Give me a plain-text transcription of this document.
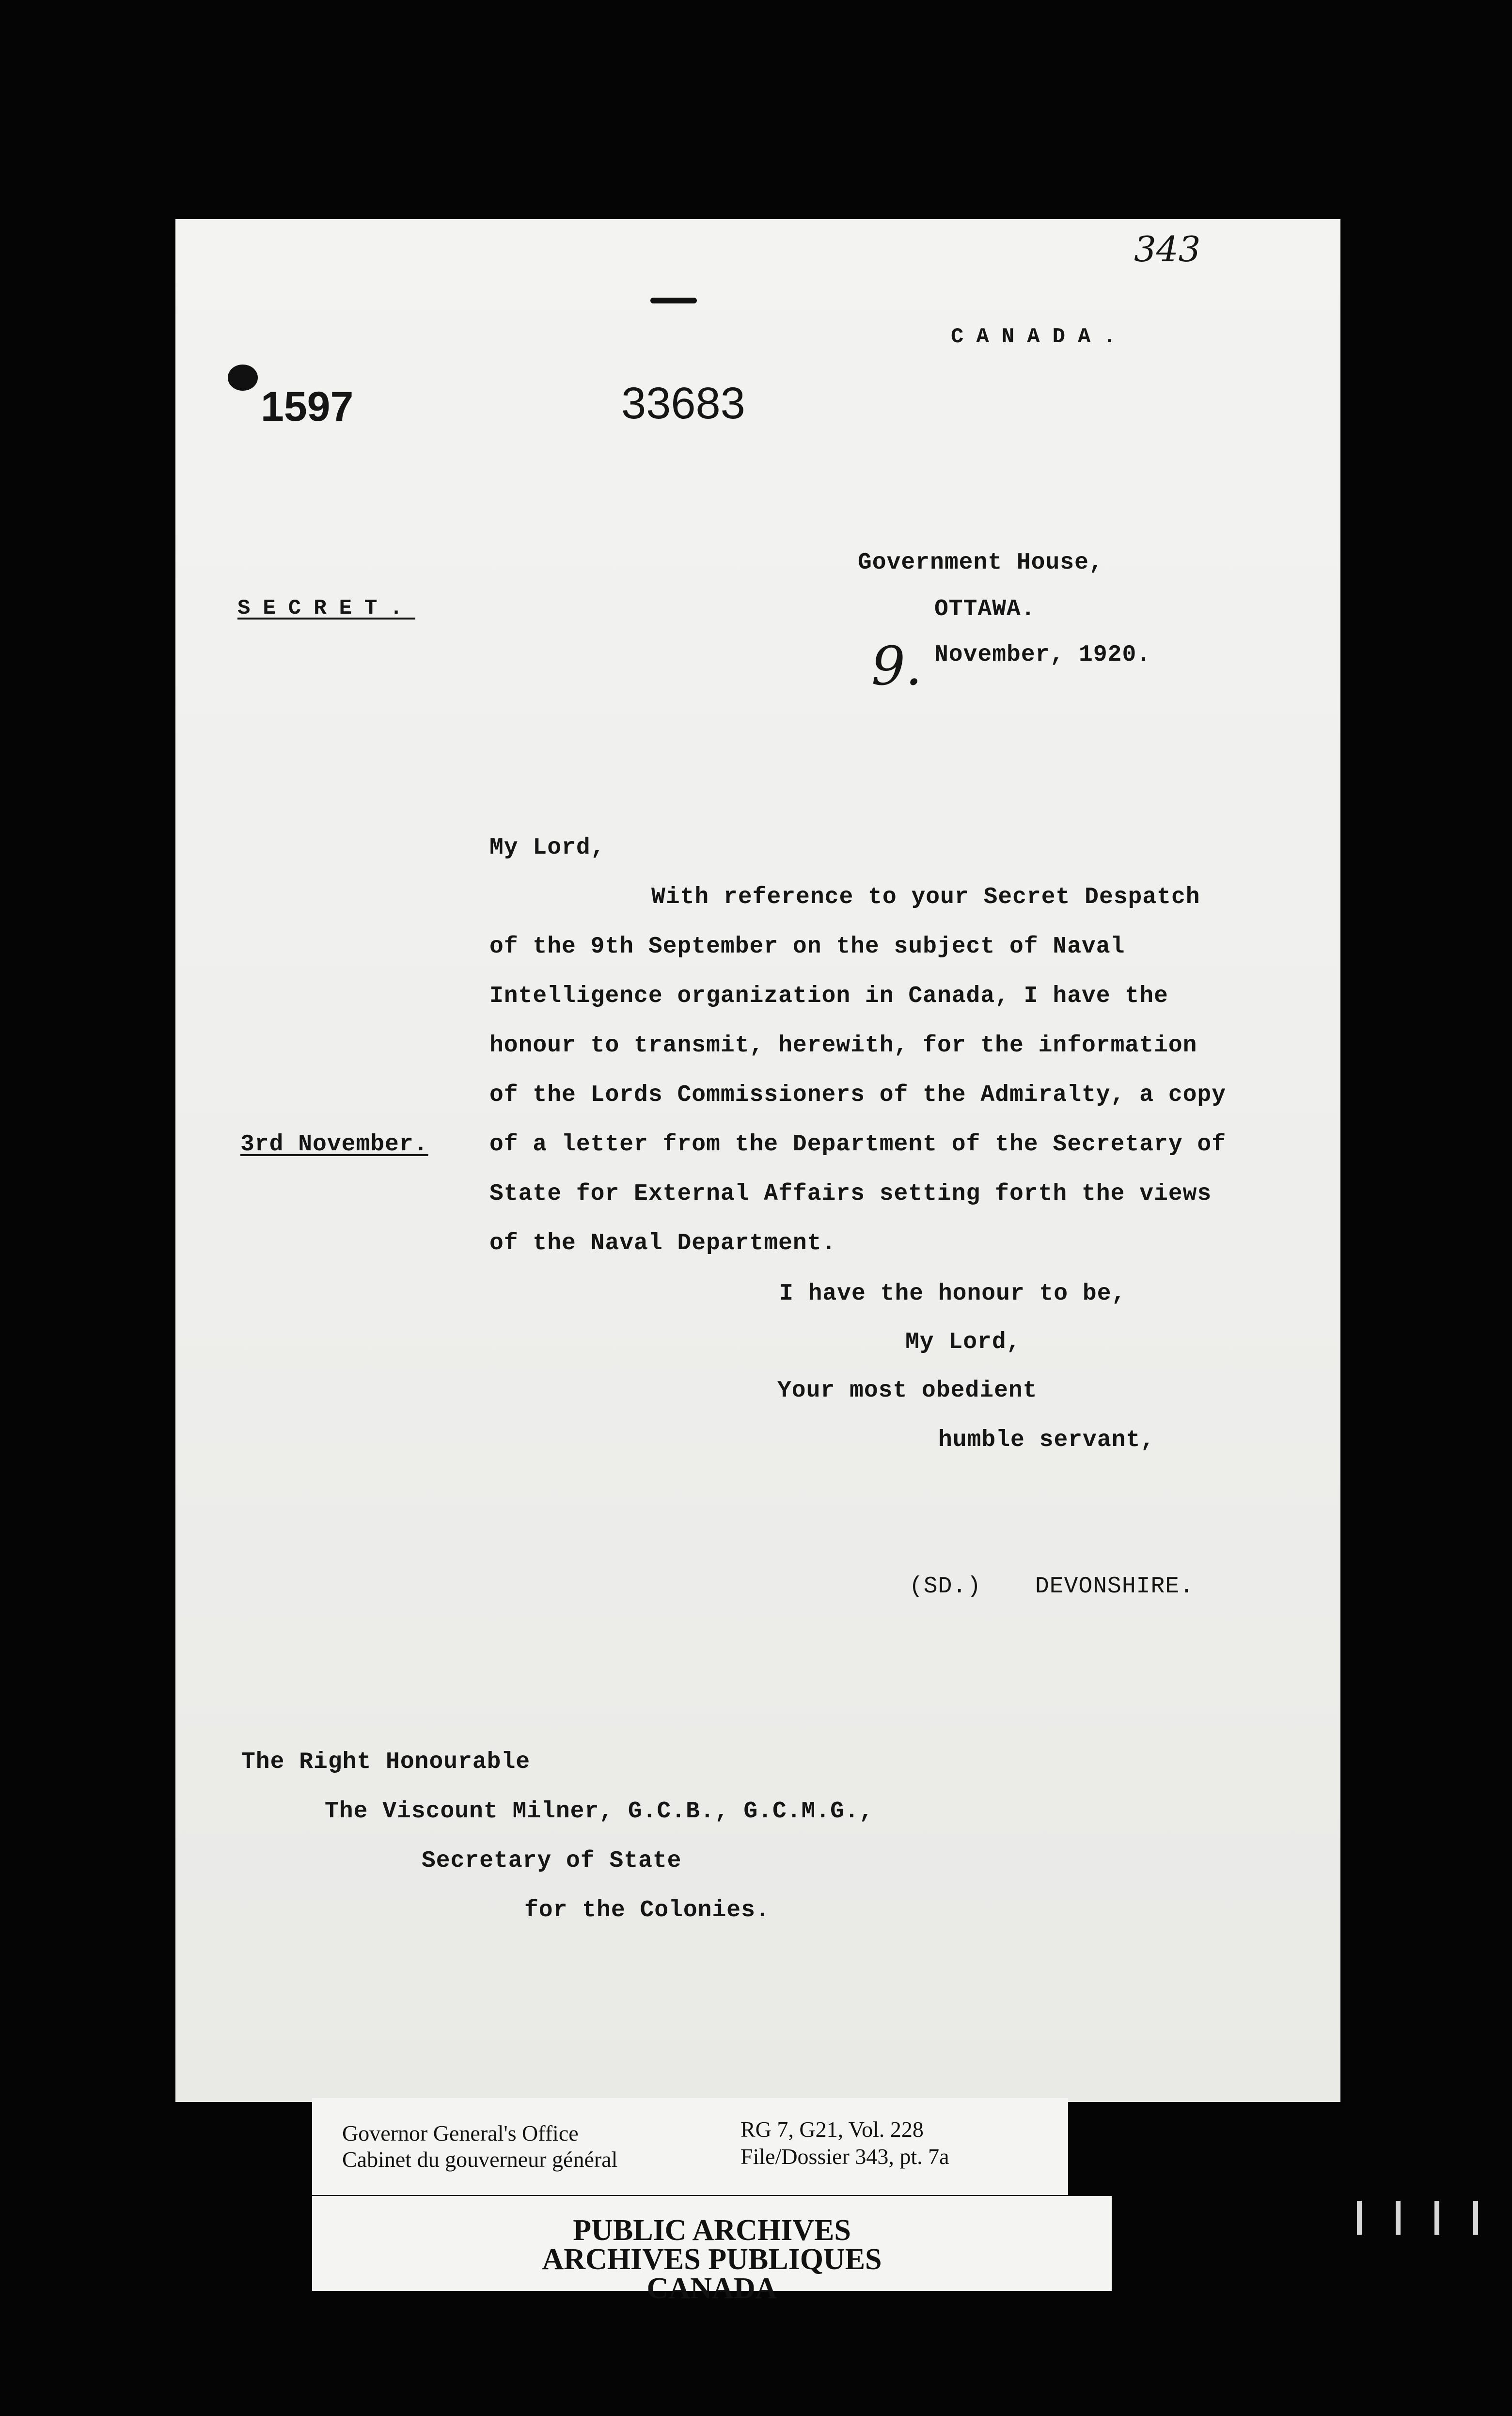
343
CANADA.
1597	33683
SECRET.
Government House,
OTTAWA.
9. November, 1920.
My Lord,
With reference to your Secret Despatch
of the 9th September on the subject of Naval
Intelligence organization in Canada, I have the
honour to transmit, herewith, for the information
of the Lords Commissioners of the Admiralty, a copy
of a letter from the Department of the Secretary of
State for External Affairs setting forth the views
of the Naval Department.
3rd November.
I have the honour to be,
My Lord,
Your most obedient
humble servant,
(SD.) DEVONSHIRE.
The Right Honourable
The Viscount Milner, G.C.B., G.C.M.G.,
Secretary of State
for the Colonies.
Governor General's Office
Cabinet du gouverneur général
RG 7, G21, Vol. 228
File/Dossier 343, pt. 7a
PUBLIC ARCHIVES
ARCHIVES PUBLIQUES
CANADA
